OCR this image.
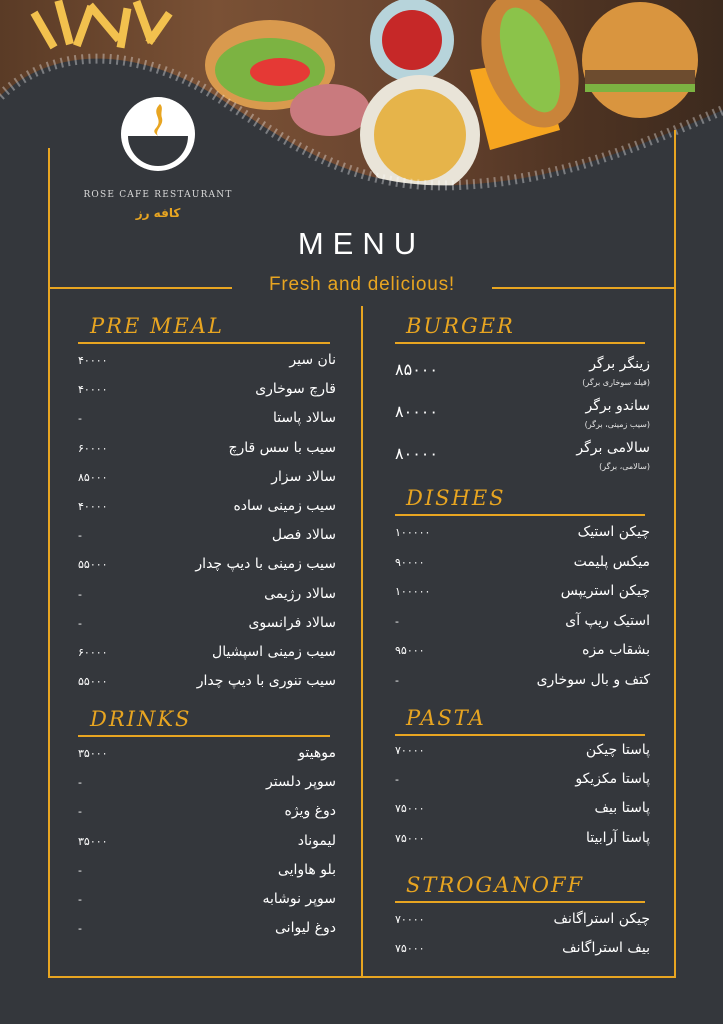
ROSE CAFE RESTAURANT
کافه رز
MENU
Fresh and delicious!
PRE MEAL
نان سیر
۴۰۰۰۰
قارچ سوخاری
۴۰۰۰۰
سالاد پاستا
-
سیب با سس قارچ
۶۰۰۰۰
سالاد سزار
۸۵۰۰۰
سیب زمینی ساده
۴۰۰۰۰
سالاد فصل
-
سیب زمینی با دیپ چدار
۵۵۰۰۰
سالاد رژیمی
-
سالاد فرانسوی
-
سیب زمینی اسپشیال
۶۰۰۰۰
سیب تنوری با دیپ چدار
۵۵۰۰۰
DRINKS
موهیتو
۳۵۰۰۰
سوپر دلستر
-
دوغ ویژه
-
لیموناد
۳۵۰۰۰
بلو هاوایی
-
سوپر نوشابه
-
دوغ لیوانی
-
BURGER
زینگر برگر
۸۵۰۰۰
(فیله سوخاری برگر)
ساندو برگر
۸۰۰۰۰
(سیب زمینی، برگر)
سالامی برگر
۸۰۰۰۰
(سالامی، برگر)
DISHES
چیکن استیک
۱۰۰۰۰۰
میکس پلیمت
۹۰۰۰۰
چیکن استریپس
۱۰۰۰۰۰
استیک ریپ آی
-
بشقاب مزه
۹۵۰۰۰
کتف و بال سوخاری
-
PASTA
پاستا چیکن
۷۰۰۰۰
پاستا مکزیکو
-
پاستا بیف
۷۵۰۰۰
پاستا آرابیتا
۷۵۰۰۰
STROGANOFF
چیکن استراگانف
۷۰۰۰۰
بیف استراگانف
۷۵۰۰۰
